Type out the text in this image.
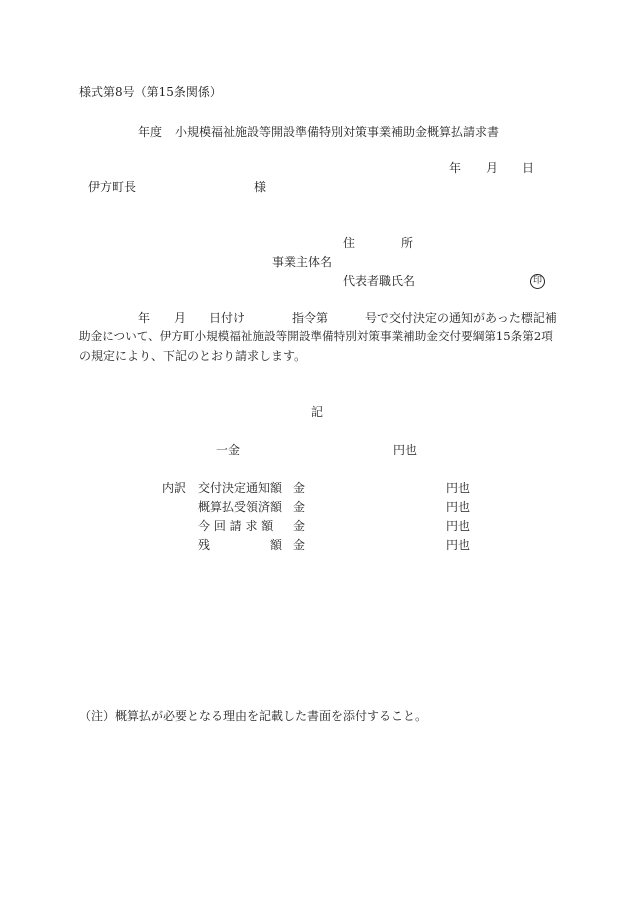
様式第8号（第15条関係）
年度 小規模福祉施設等開設準備特別対策事業補助金概算払請求書
年 月 日
伊方町長	様
住	所
事業主体名
代表者職氏名	印
年 月 日付け	指令第	号で交付決定の通知があった標記補
助金について、伊方町小規模福祉施設等開設準備特別対策事業補助金交付要綱第15条第2項
の規定により、下記のとおり請求します。
記
一金	円也
内訳 交付決定通知額 金	円也
概算払受領済額 金	円也
今 回 請 求 額 金	円也
残　　　　　額 金	円也
（注） 概算払が必要となる理由を記載した書面を添付すること。
